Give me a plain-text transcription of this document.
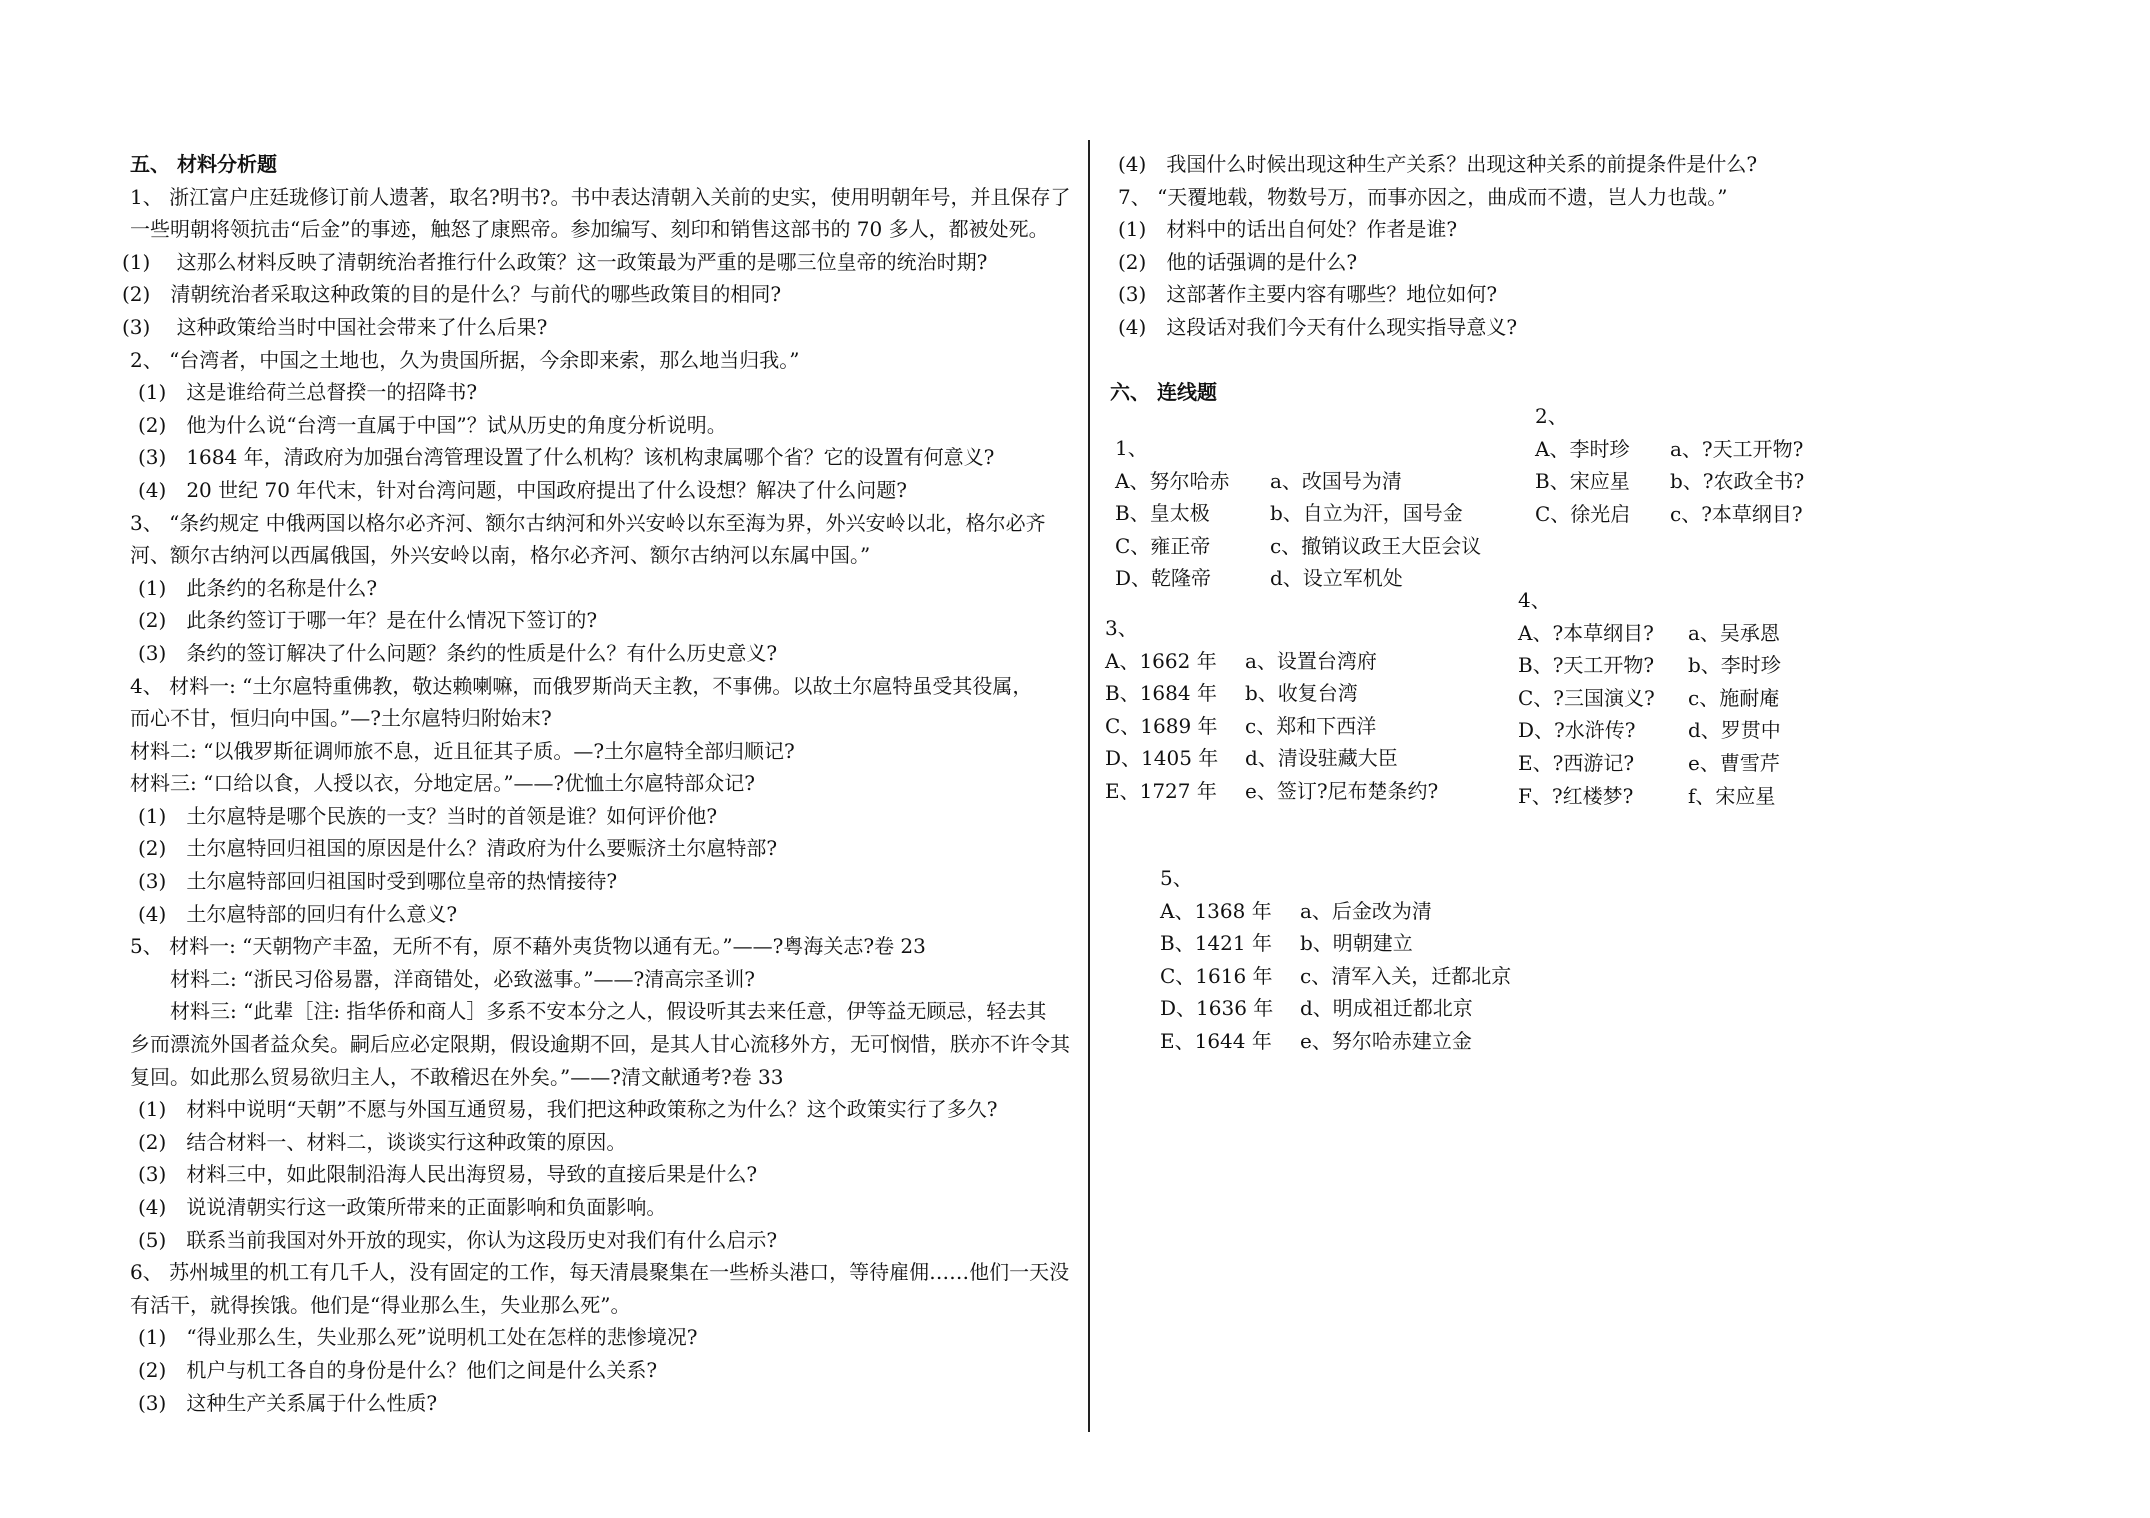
五、 材料分析题
1、 浙江富户庄廷珑修订前人遗著，取名?明书?。书中表达清朝入关前的史实，使用明朝年号，并且保存了
一些明朝将领抗击“后金”的事迹，触怒了康熙帝。参加编写、刻印和销售这部书的 70 多人，都被处死。
(1)　 这那么材料反映了清朝统治者推行什么政策？这一政策最为严重的是哪三位皇帝的统治时期?
(2)　清朝统治者采取这种政策的目的是什么？与前代的哪些政策目的相同?
(3)　 这种政策给当时中国社会带来了什么后果?
2、 “台湾者，中国之土地也，久为贵国所据，今余即来索，那么地当归我。”
(1)　这是谁给荷兰总督揆一的招降书?
(2)　他为什么说“台湾一直属于中国”？试从历史的角度分析说明。
(3)　1684 年，清政府为加强台湾管理设置了什么机构？该机构隶属哪个省？它的设置有何意义?
(4)　20 世纪 70 年代末，针对台湾问题，中国政府提出了什么设想？解决了什么问题?
3、 “条约规定 中俄两国以格尔必齐河、额尔古纳河和外兴安岭以东至海为界，外兴安岭以北，格尔必齐
河、额尔古纳河以西属俄国，外兴安岭以南，格尔必齐河、额尔古纳河以东属中国。”
(1)　此条约的名称是什么?
(2)　此条约签订于哪一年？是在什么情况下签订的?
(3)　条约的签订解决了什么问题？条约的性质是什么？有什么历史意义?
4、 材料一: “土尔扈特重佛教，敬达赖喇嘛，而俄罗斯尚天主教，不事佛。以故土尔扈特虽受其役属，
而心不甘，恒归向中国。”—?土尔扈特归附始末?
材料二: “以俄罗斯征调师旅不息，近且征其子质。—?土尔扈特全部归顺记?
材料三: “口给以食，人授以衣，分地定居。”——?优恤土尔扈特部众记?
(1)　土尔扈特是哪个民族的一支？当时的首领是谁？如何评价他?
(2)　土尔扈特回归祖国的原因是什么？清政府为什么要赈济土尔扈特部?
(3)　土尔扈特部回归祖国时受到哪位皇帝的热情接待?
(4)　土尔扈特部的回归有什么意义?
5、 材料一: “天朝物产丰盈，无所不有，原不藉外夷货物以通有无。”——?粤海关志?卷 23
材料二: “浙民习俗易嚣，洋商错处，必致滋事。”——?清高宗圣训?
材料三: “此辈［注: 指华侨和商人］多系不安本分之人，假设听其去来任意，伊等益无顾忌，轻去其
乡而漂流外国者益众矣。嗣后应必定限期，假设逾期不回，是其人甘心流移外方，无可悯惜，朕亦不许令其
复回。如此那么贸易欲归主人，不敢稽迟在外矣。”——?清文献通考?卷 33
(1)　材料中说明“天朝”不愿与外国互通贸易，我们把这种政策称之为什么？这个政策实行了多久?
(2)　结合材料一、材料二，谈谈实行这种政策的原因。
(3)　材料三中，如此限制沿海人民出海贸易，导致的直接后果是什么?
(4)　说说清朝实行这一政策所带来的正面影响和负面影响。
(5)　联系当前我国对外开放的现实，你认为这段历史对我们有什么启示?
6、 苏州城里的机工有几千人，没有固定的工作，每天清晨聚集在一些桥头港口，等待雇佣……他们一天没
有活干，就得挨饿。他们是“得业那么生，失业那么死”。
(1)　“得业那么生，失业那么死”说明机工处在怎样的悲惨境况?
(2)　机户与机工各自的身份是什么？他们之间是什么关系?
(3)　这种生产关系属于什么性质?
(4)　我国什么时候出现这种生产关系？出现这种关系的前提条件是什么?
7、 “天覆地载，物数号万，而事亦因之，曲成而不遗，岂人力也哉。”
(1)　材料中的话出自何处？作者是谁?
(2)　他的话强调的是什么?
(3)　这部著作主要内容有哪些？地位如何?
(4)　这段话对我们今天有什么现实指导意义?
六、 连线题
1、
A、努尔哈赤 a、改国号为清
B、皇太极	b、自立为汗，国号金
C、雍正帝	c、撤销议政王大臣会议
D、乾隆帝	d、设立军机处
2、
A、李时珍 a、?天工开物?
B、宋应星 b、?农政全书?
C、徐光启 c、?本草纲目?
3、
A、1662 年 a、设置台湾府
B、1684 年 b、收复台湾
C、1689 年 c、郑和下西洋
D、1405 年 d、清设驻藏大臣
E、1727 年 e、签订?尼布楚条约?
4、
A、?本草纲目? a、吴承恩
B、?天工开物? b、李时珍
C、?三国演义? c、施耐庵
D、?水浒传?	d、罗贯中
E、?西游记?	e、曹雪芹
F、?红楼梦?	f、宋应星
5、
A、1368 年 a、后金改为清
B、1421 年 b、明朝建立
C、1616 年 c、清军入关，迁都北京
D、1636 年 d、明成祖迁都北京
E、1644 年 e、努尔哈赤建立金
